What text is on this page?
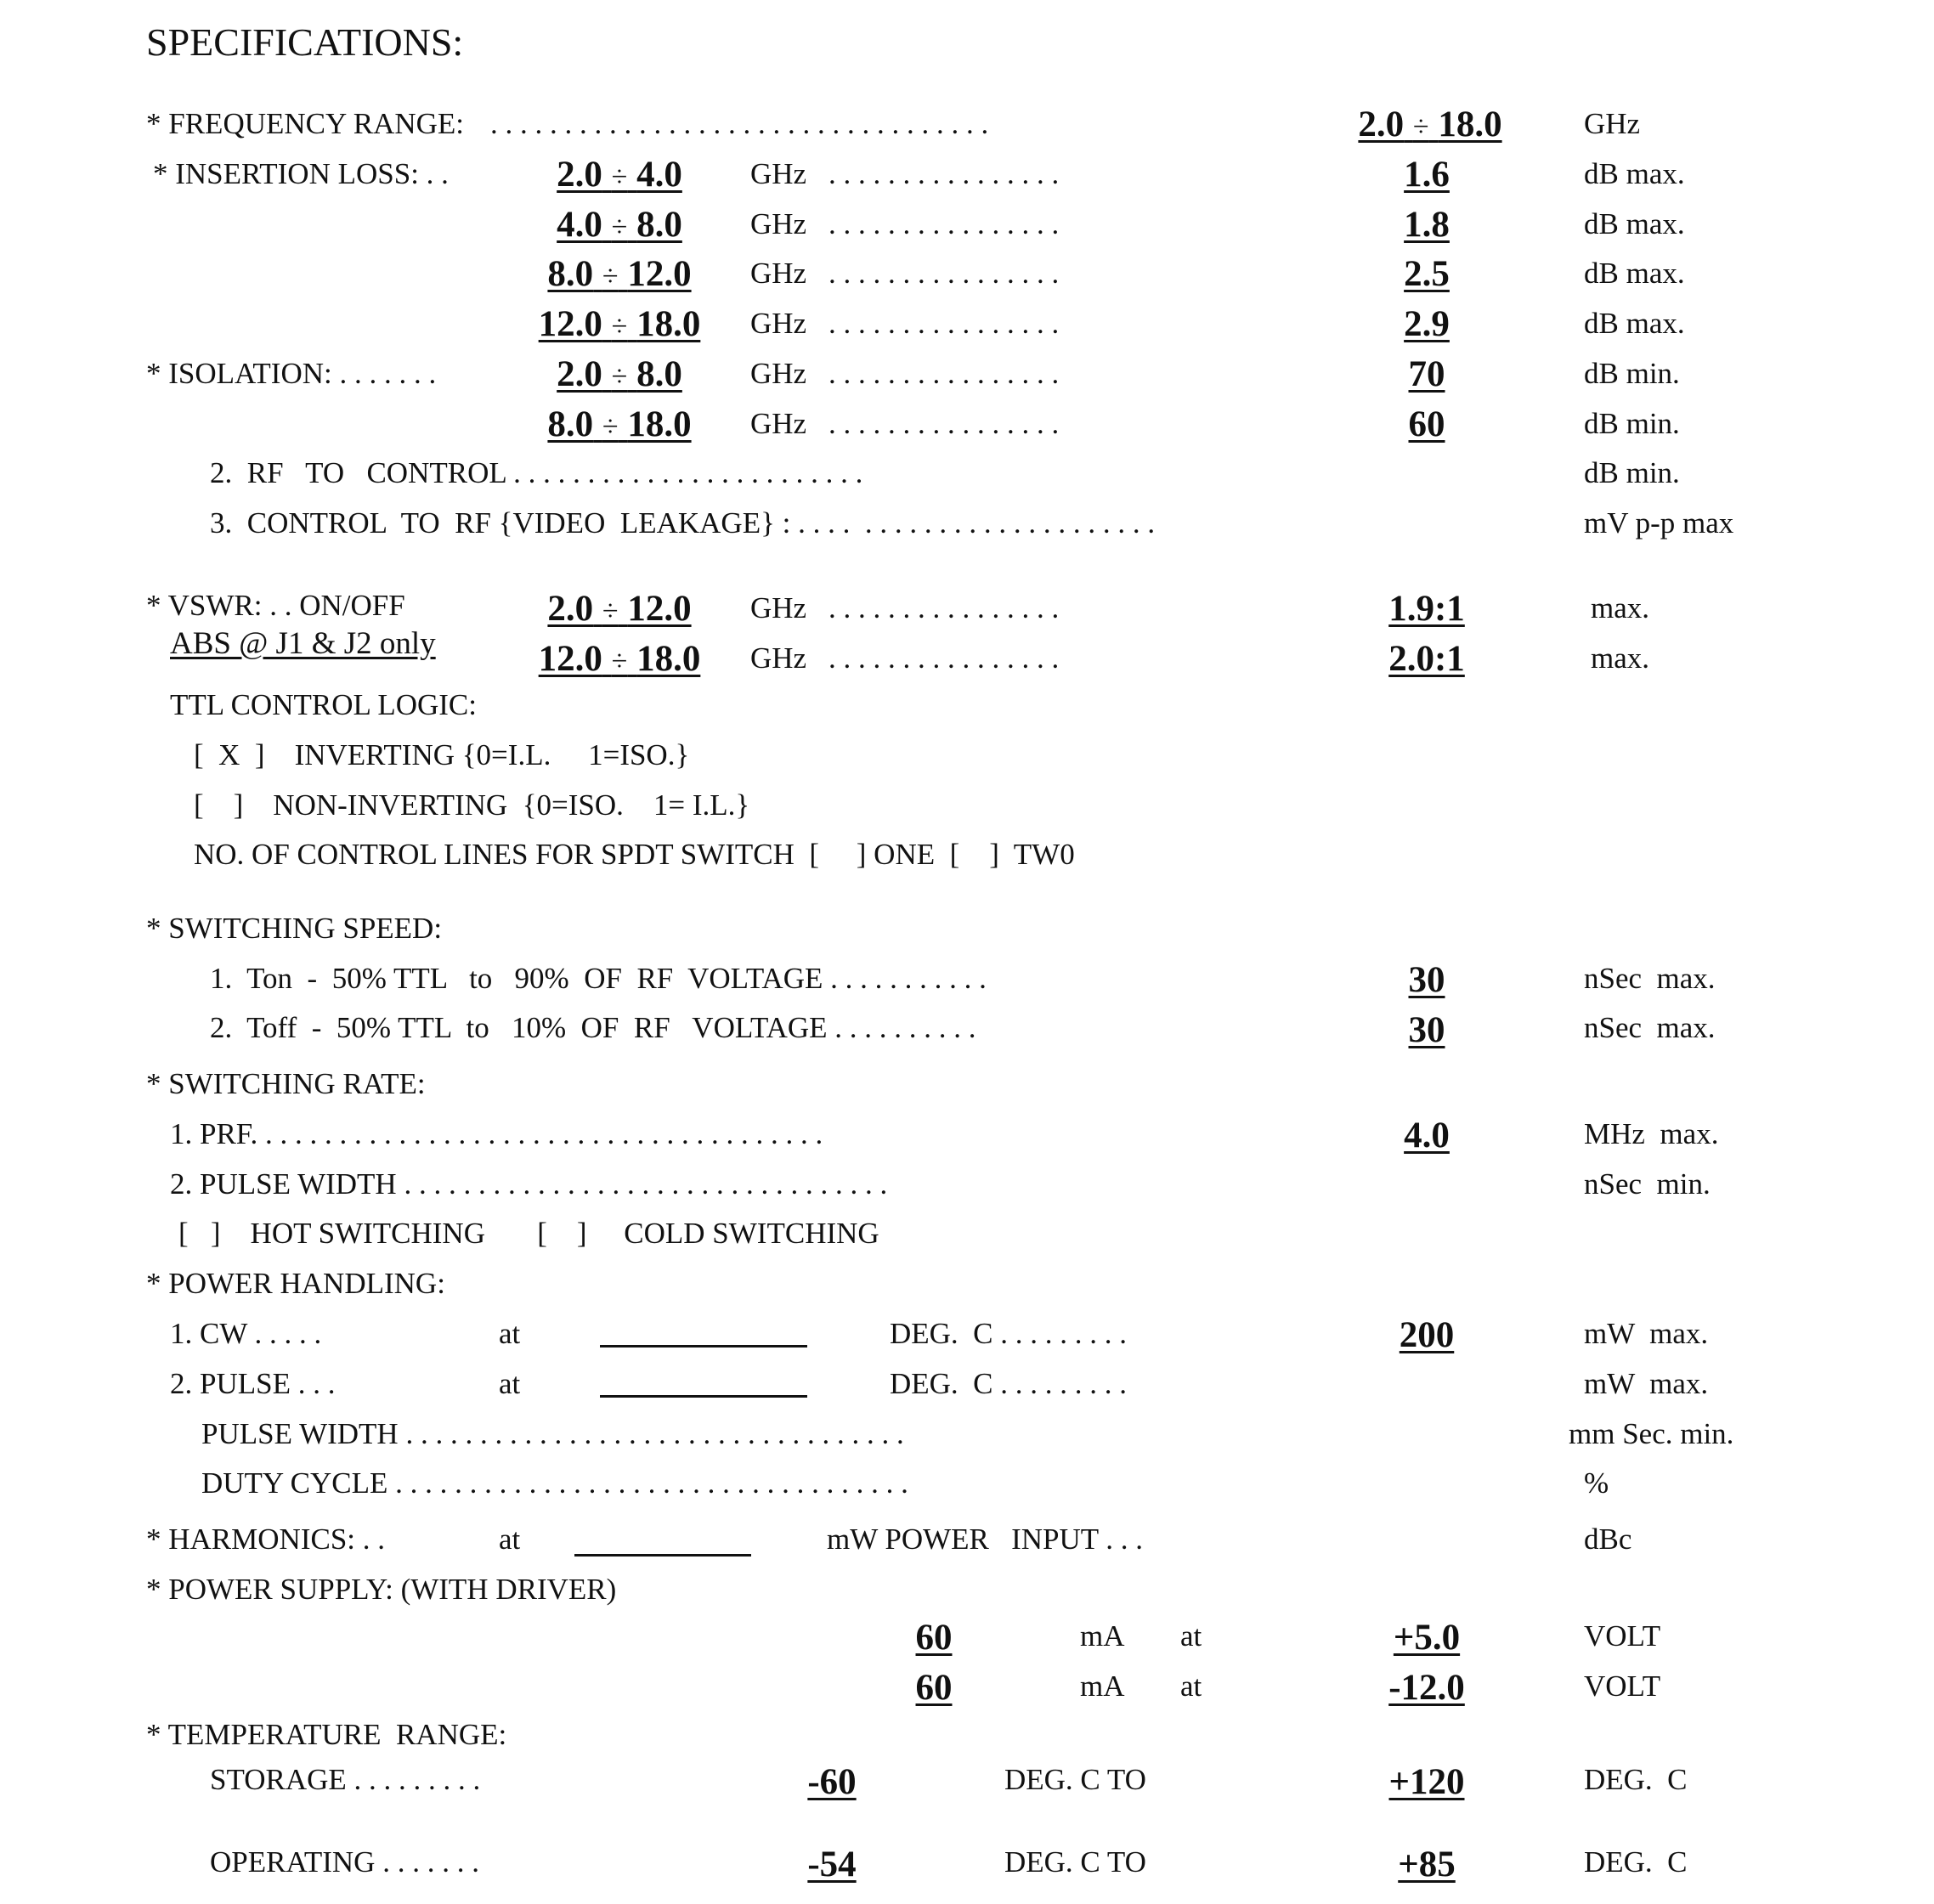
SPECIFICATIONS:
* FREQUENCY RANGE: . . . . . . . . . . . . . . . . . . . . . . . . . . . . . . . . . .	2.0 ÷ 18.0	GHz
* INSERTION LOSS: . .	2.0 ÷ 4.0 GHz . . . . . . . . . . . . . . . .	1.6	dB max.
4.0 ÷ 8.0 GHz . . . . . . . . . . . . . . . .	1.8	dB max.
8.0 ÷ 12.0 GHz . . . . . . . . . . . . . . . .	2.5	dB max.
12.0 ÷ 18.0 GHz . . . . . . . . . . . . . . . .	2.9	dB max.
* ISOLATION: . . . . . . .	2.0 ÷ 8.0 GHz . . . . . . . . . . . . . . . .	70	dB min.
8.0 ÷ 18.0 GHz . . . . . . . . . . . . . . . .	60	dB min.
2.  RF   TO   CONTROL . . . . . . . . . . . . . . . . . . . . . . . .	dB min.
3.  CONTROL  TO  RF {VIDEO  LEAKAGE} : . . . .  . . . . . . . . . . . . . . . . . . . .	mV p-p max
* VSWR: . . ON/OFF
ABS @ J1 & J2 only
2.0 ÷ 12.0 GHz . . . . . . . . . . . . . . . .	1.9:1	max.
12.0 ÷ 18.0 GHz . . . . . . . . . . . . . . . .	2.0:1	max.
TTL CONTROL LOGIC:
[  X  ]    INVERTING {0=I.L.     1=ISO.}
[    ]    NON-INVERTING  {0=ISO.    1= I.L.}
NO. OF CONTROL LINES FOR SPDT SWITCH  [     ] ONE  [    ]  TW0
* SWITCHING SPEED:
1.  Ton  -  50% TTL   to   90%  OF  RF  VOLTAGE . . . . . . . . . . .	30	nSec  max.
2.  Toff  -  50% TTL  to   10%  OF  RF   VOLTAGE . . . . . . . . . .	30	nSec  max.
* SWITCHING RATE:
1. PRF. . . . . . . . . . . . . . . . . . . . . . . . . . . . . . . . . . . . . . .	4.0	MHz  max.
2. PULSE WIDTH . . . . . . . . . . . . . . . . . . . . . . . . . . . . . . . . .	nSec  min.
[   ]    HOT SWITCHING       [    ]     COLD SWITCHING
* POWER HANDLING:
1. CW . . . . .	at	DEG.  C . . . . . . . . .	200	mW  max.
2. PULSE . . .	at	DEG.  C . . . . . . . . .	mW  max.
PULSE WIDTH . . . . . . . . . . . . . . . . . . . . . . . . . . . . . . . . . .	mm Sec. min.
DUTY CYCLE . . . . . . . . . . . . . . . . . . . . . . . . . . . . . . . . . . .	%
* HARMONICS: . .	at	mW POWER   INPUT . . .	dBc
* POWER SUPPLY: (WITH DRIVER)
60	mA at	+5.0	VOLT
60	mA at	-12.0	VOLT
* TEMPERATURE  RANGE:
STORAGE . . . . . . . . .	-60	DEG. C TO	+120	DEG.  C
OPERATING . . . . . . .	-54	DEG. C TO	+85	DEG.  C
